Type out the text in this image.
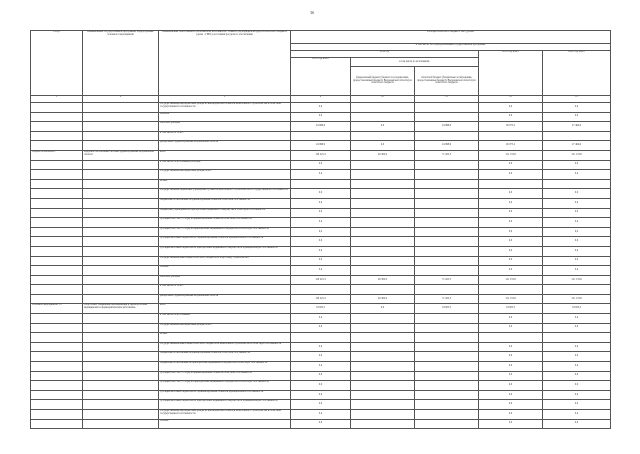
36
Статус	Наименование государственной программы, подпрограммы, основного мероприятия	Наименование ответственного исполнителя, исполнителя - главного распорядителя средств областного бюджета (далее - ГРБС), источники ресурсного обеспечения	Расходы областного бюджета, тыс. рублей				
			в том числе: по годам реализации государственной программы				
			2018 год			2019 год, всего	2020 год, всего
			2018 год, всего	в том числе по источникам:
федеральный бюджет (бюджет под подписание, предоставленный бюджету Воронежской области) из областного бюджета
областной бюджет (бюджетные ассигнования, предоставленные бюджету Воронежской области) из областного бюджета			

1	2	3	9	10	11	12	13
		Государственные внебюджетные фонды из внебюджетных объектов капитального строительства в областной государственной собственности	0,0			0,0	0,0
		ИНОМР	0,0			0,0	0,0
		ПРОЧИЕ расходы	24 998,9	0,0	24 998,9	26 075,2	27 464,9
		в том числе по ГРБС:					
		департамент здравоохранения Воронежской области	24 998,9	0,0	24 998,9	26 075,2	27 464,9
ПОДПРОГРАММА 1	Кадровое обеспечение системы здравоохранения Воронежской области	всего	120 225,3	48 300,0	71 925,3	121 133,8	121 133,8
		в том числе по источникам расходов:	0,0			0,0	0,0
		Государственные внебюджетные фонды, всего	0,0			0,0	0,0
		из них					
		Государственные бюджетные учреждения субъектов капитального строительства в государственной собственности	0,0			0,0	0,0
		бюджетные ассигнования на финансирование объектов областной собственности	0,0			0,0	0,0
		бюджетные учреждения на приобретение недвижимого имущества в областную собственность	0,0			0,0	0,0
		субсидии ЮЛ, ИП, ГУП(м) на финансирование объектов областной собственности	0,0			0,0	0,0
		субсидии ЮЛ, ИП, ГУП(м) на приобретение недвижимого имущества в областную собственность	0,0			0,0	0,0
		субсидии местным бюджетам на софинансирование объектов муниципальной собственности	0,0			0,0	0,0
		субсидии местным бюджетам на приобретение недвижимого имущества в муниципальную собственность	0,0			0,0	0,0
		Государственные инвестиции областного бюджета на подготовку строительства	0,0			0,0	0,0
		НИОКР	0,0			0,0	0,0
		ПРОЧИЕ расходы	120 225,3	48 300,0	71 925,3	121 133,8	121 133,8
		в том числе по ГРБС:					
		департамент здравоохранения Воронежской области	120 225,3	48 300,0	71 925,3	121 133,8	121 133,8
Основное мероприятие 1.1	Подготовка, повышение квалификации и переподготовка медицинских и фармацевтических работников	всего	34 825,5	0,0	34 825,5	34 825,5	34 825,5
		в том числе по источникам:	0,0			0,0	0,0
		Государственные внебюджетные фонды, всего	0,0			0,0	0,0
		из них					
		Государственные инвестиции областного бюджета на капитальное строительство в областную собственность	0,0			0,0	0,0
		бюджетные ассигнования на финансирование объектов областной собственности	0,0			0,0	0,0
		бюджетные ассигнования на приобретение недвижимого имущества в областную собственность	0,0			0,0	0,0
		субсидии ЮЛ, ИП, ГУП(м) на финансирование объектов областной собственности	0,0			0,0	0,0
		субсидии ЮЛ, ИП, ГУП(м) на приобретение недвижимого имущества в областную собственность	0,0			0,0	0,0
		субсидии местным бюджетам на софинансирование объектов муниципальной собственности	0,0			0,0	0,0
		субсидии местным бюджетам на приобретение недвижимого имущества в муниципальную собственность	0,0			0,0	0,0
		Государственные внебюджетные фонды из внебюджетных объектов капитального строительства в областной государственной собственности	0,0			0,0	0,0
		НИОКР	0,0			0,0	0,0
